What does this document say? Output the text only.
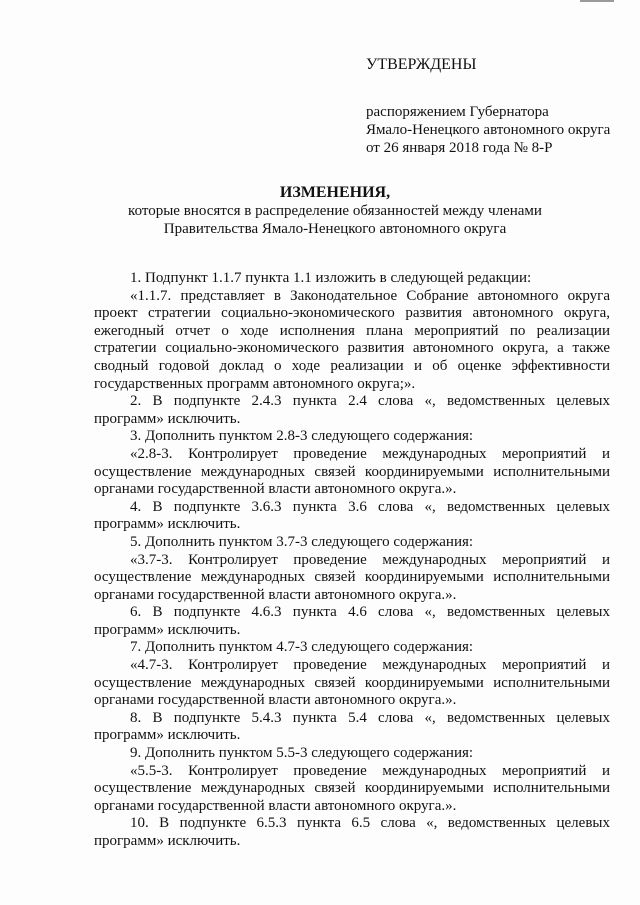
УТВЕРЖДЕНЫ
распоряжением Губернатора
Ямало-Ненецкого автономного округа
от 26 января 2018 года № 8-Р
ИЗМЕНЕНИЯ,
которые вносятся в распределение обязанностей между членами
Правительства Ямало-Ненецкого автономного округа

1. Подпункт 1.1.7 пункта 1.1 изложить в следующей редакции:

«1.1.7. представляет в Законодательное Собрание автономного округа проект стратегии социально-экономического развития автономного округа, ежегодный отчет о ходе исполнения плана мероприятий по реализации стратегии социально-экономического развития автономного округа, а также сводный годовой доклад о ходе реализации и об оценке эффективности государственных программ автономного округа;».

2. В подпункте 2.4.3 пункта 2.4 слова «, ведомственных целевых программ» исключить.

3. Дополнить пунктом 2.8-3 следующего содержания:

«2.8-3. Контролирует проведение международных мероприятий и осуществление международных связей координируемыми исполнительными органами государственной власти автономного округа.».

4. В подпункте 3.6.3 пункта 3.6 слова «, ведомственных целевых программ» исключить.

5. Дополнить пунктом 3.7-3 следующего содержания:

«3.7-3. Контролирует проведение международных мероприятий и осуществление международных связей координируемыми исполнительными органами государственной власти автономного округа.».

6. В подпункте 4.6.3 пункта 4.6 слова «, ведомственных целевых программ» исключить.

7. Дополнить пунктом 4.7-3 следующего содержания:

«4.7-3. Контролирует проведение международных мероприятий и осуществление международных связей координируемыми исполнительными органами государственной власти автономного округа.».

8. В подпункте 5.4.3 пункта 5.4 слова «, ведомственных целевых программ» исключить.

9. Дополнить пунктом 5.5-3 следующего содержания:

«5.5-3. Контролирует проведение международных мероприятий и осуществление международных связей координируемыми исполнительными органами государственной власти автономного округа.».

10. В подпункте 6.5.3 пункта 6.5 слова «, ведомственных целевых программ» исключить.
